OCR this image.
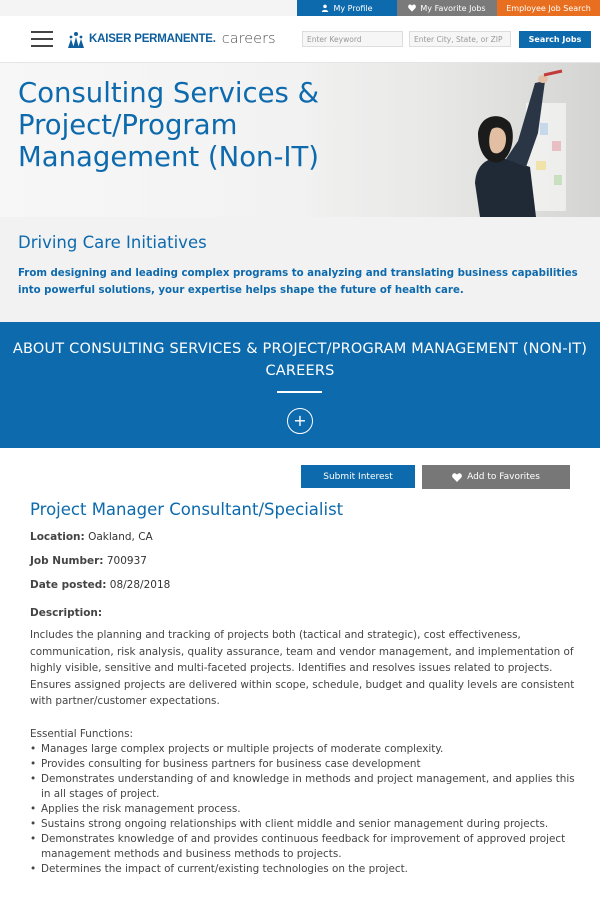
My Profile	My Favorite Jobs	Employee Job Search
KAISER PERMANENTE. careers	Enter Keyword	Enter City, State, or ZIP	Search Jobs
Consulting Services & Project/Program Management (Non-IT)
Driving Care Initiatives
From designing and leading complex programs to analyzing and translating business capabilities into powerful solutions, your expertise helps shape the future of health care.
ABOUT CONSULTING SERVICES & PROJECT/PROGRAM MANAGEMENT (NON-IT) CAREERS
+
Submit Interest	Add to Favorites
Project Manager Consultant/Specialist
Location: Oakland, CA
Job Number: 700937
Date posted: 08/28/2018
Description:
Includes the planning and tracking of projects both (tactical and strategic), cost effectiveness, communication, risk analysis, quality assurance, team and vendor management, and implementation of highly visible, sensitive and multi-faceted projects. Identifies and resolves issues related to projects. Ensures assigned projects are delivered within scope, schedule, budget and quality levels are consistent with partner/customer expectations.
Essential Functions:
• Manages large complex projects or multiple projects of moderate complexity.
• Provides consulting for business partners for business case development
• Demonstrates understanding of and knowledge in methods and project management, and applies this in all stages of project.
• Applies the risk management process.
• Sustains strong ongoing relationships with client middle and senior management during projects.
• Demonstrates knowledge of and provides continuous feedback for improvement of approved project management methods and business methods to projects.
• Determines the impact of current/existing technologies on the project.
